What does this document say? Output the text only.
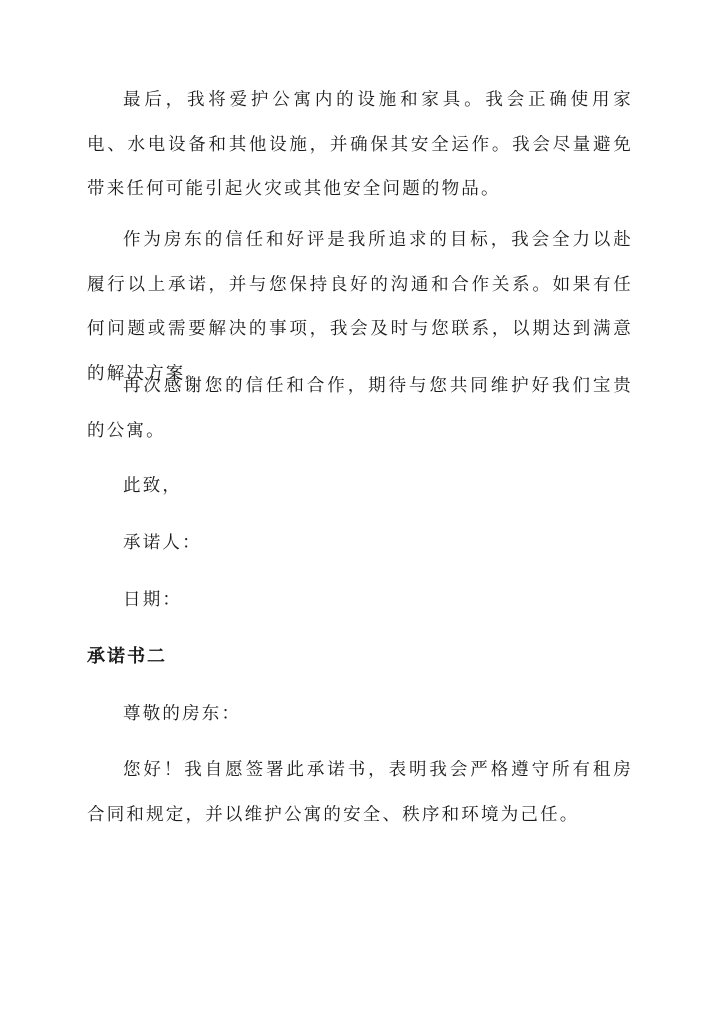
最后，我将爱护公寓内的设施和家具。我会正确使用家电、水电设备和其他设施，并确保其安全运作。我会尽量避免带来任何可能引起火灾或其他安全问题的物品。

作为房东的信任和好评是我所追求的目标，我会全力以赴履行以上承诺，并与您保持良好的沟通和合作关系。如果有任何问题或需要解决的事项，我会及时与您联系，以期达到满意的解决方案。

再次感谢您的信任和合作，期待与您共同维护好我们宝贵的公寓。

此致，

承诺人：

日期：

承诺书二

尊敬的房东：

您好！我自愿签署此承诺书，表明我会严格遵守所有租房合同和规定，并以维护公寓的安全、秩序和环境为己任。
